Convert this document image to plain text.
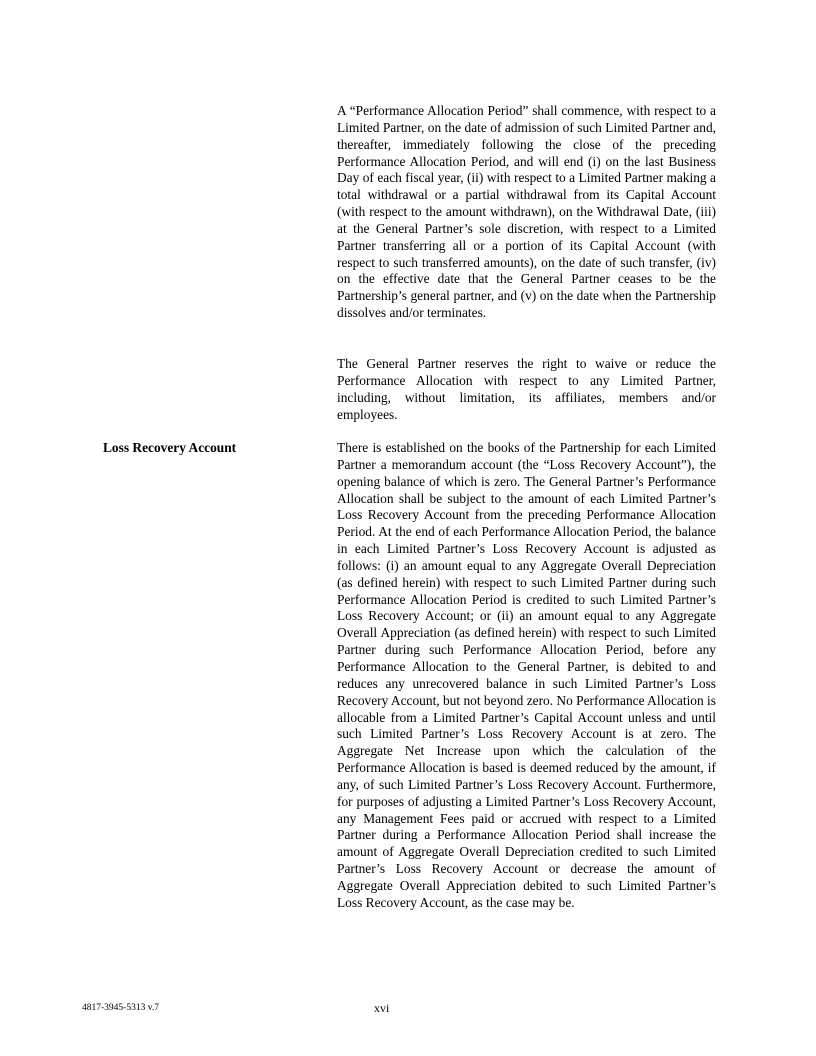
A “Performance Allocation Period” shall commence, with respect to a Limited Partner, on the date of admission of such Limited Partner and, thereafter, immediately following the close of the preceding Performance Allocation Period, and will end (i) on the last Business Day of each fiscal year, (ii) with respect to a Limited Partner making a total withdrawal or a partial withdrawal from its Capital Account (with respect to the amount withdrawn), on the Withdrawal Date, (iii) at the General Partner’s sole discretion, with respect to a Limited Partner transferring all or a portion of its Capital Account (with respect to such transferred amounts), on the date of such transfer, (iv) on the effective date that the General Partner ceases to be the Partnership’s general partner, and (v) on the date when the Partnership dissolves and/or terminates.

The General Partner reserves the right to waive or reduce the Performance Allocation with respect to any Limited Partner, including, without limitation, its affiliates, members and/or employees.

Loss Recovery Account	There is established on the books of the Partnership for each Limited Partner a memorandum account (the “Loss Recovery Account”), the opening balance of which is zero. The General Partner’s Performance Allocation shall be subject to the amount of each Limited Partner’s Loss Recovery Account from the preceding Performance Allocation Period. At the end of each Performance Allocation Period, the balance in each Limited Partner’s Loss Recovery Account is adjusted as follows: (i) an amount equal to any Aggregate Overall Depreciation (as defined herein) with respect to such Limited Partner during such Performance Allocation Period is credited to such Limited Partner’s Loss Recovery Account; or (ii) an amount equal to any Aggregate Overall Appreciation (as defined herein) with respect to such Limited Partner during such Performance Allocation Period, before any Performance Allocation to the General Partner, is debited to and reduces any unrecovered balance in such Limited Partner’s Loss Recovery Account, but not beyond zero. No Performance Allocation is allocable from a Limited Partner’s Capital Account unless and until such Limited Partner’s Loss Recovery Account is at zero. The Aggregate Net Increase upon which the calculation of the Performance Allocation is based is deemed reduced by the amount, if any, of such Limited Partner’s Loss Recovery Account. Furthermore, for purposes of adjusting a Limited Partner’s Loss Recovery Account, any Management Fees paid or accrued with respect to a Limited Partner during a Performance Allocation Period shall increase the amount of Aggregate Overall Depreciation credited to such Limited Partner’s Loss Recovery Account or decrease the amount of Aggregate Overall Appreciation debited to such Limited Partner’s Loss Recovery Account, as the case may be.

4817-3945-5313 v.7	xvi
